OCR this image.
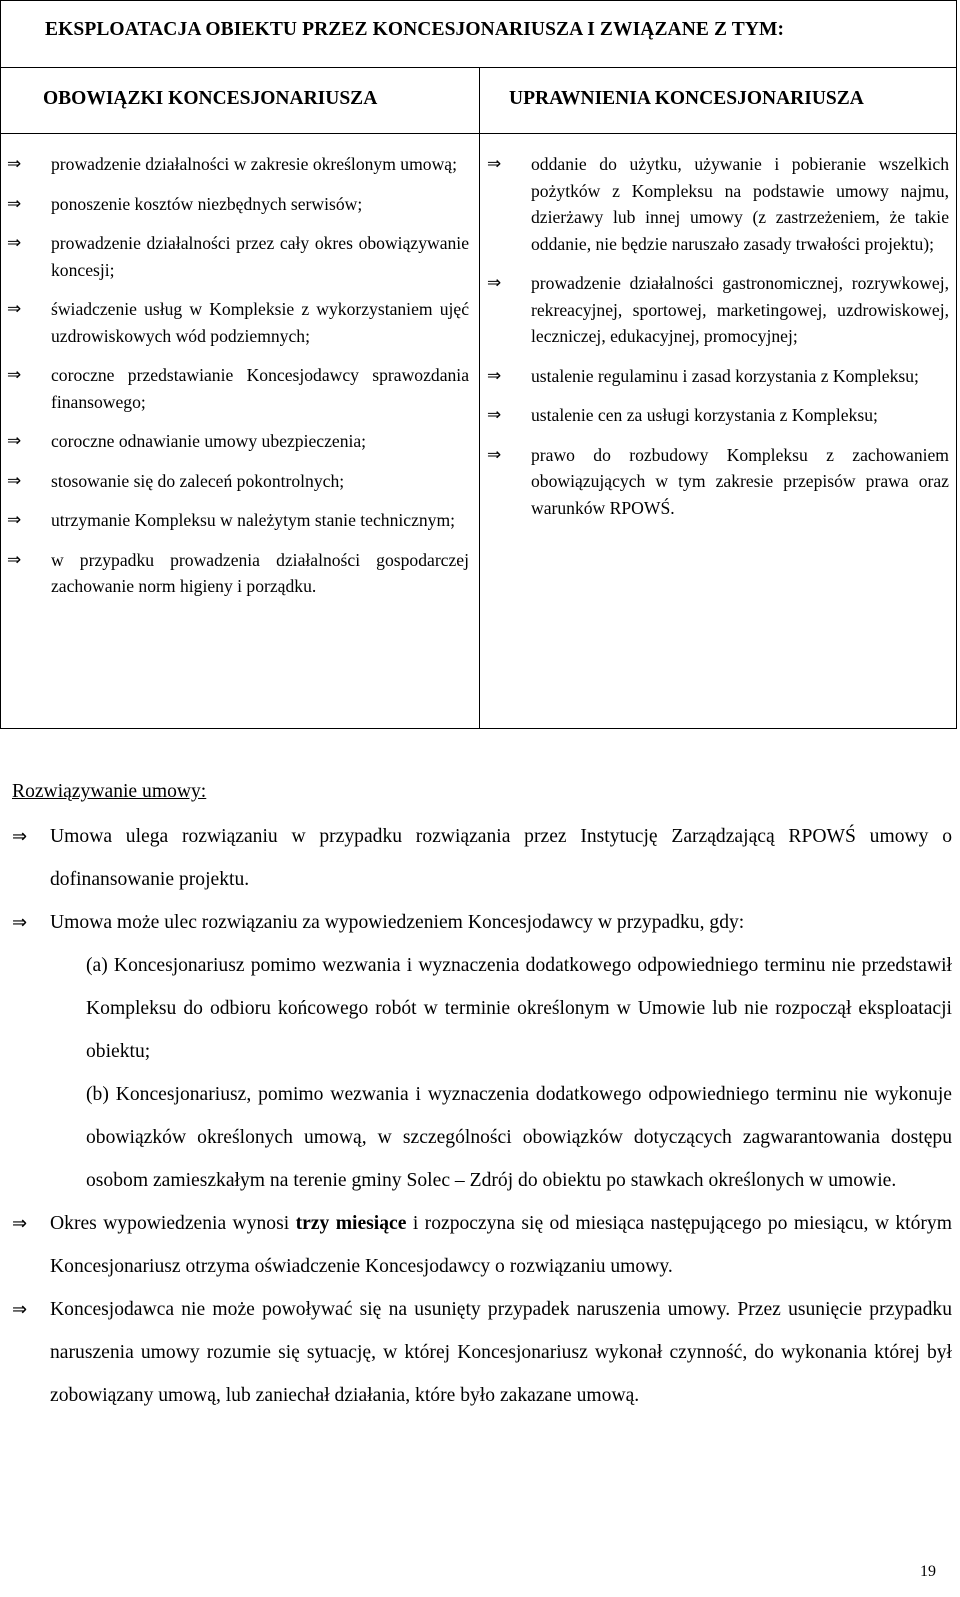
EKSPLOATACJA OBIEKTU PRZEZ KONCESJONARIUSZA I ZWIĄZANE Z TYM:
OBOWIĄZKI KONCESJONARIUSZA	UPRAWNIENIA KONCESJONARIUSZA
⇒ prowadzenie działalności w zakresie określonym umową;
⇒ ponoszenie kosztów niezbędnych serwisów;
⇒ prowadzenie działalności przez cały okres obowiązywanie koncesji;
⇒ świadczenie usług w Kompleksie z wykorzystaniem ujęć uzdrowiskowych wód podziemnych;
⇒ coroczne przedstawianie Koncesjodawcy sprawozdania finansowego;
⇒ coroczne odnawianie umowy ubezpieczenia;
⇒ stosowanie się do zaleceń pokontrolnych;
⇒ utrzymanie Kompleksu w należytym stanie technicznym;
⇒ w przypadku prowadzenia działalności gospodarczej zachowanie norm higieny i porządku.
⇒ oddanie do użytku, używanie i pobieranie wszelkich pożytków z Kompleksu na podstawie umowy najmu, dzierżawy lub innej umowy (z zastrzeżeniem, że takie oddanie, nie będzie naruszało zasady trwałości projektu);
⇒ prowadzenie działalności gastronomicznej, rozrywkowej, rekreacyjnej, sportowej, marketingowej, uzdrowiskowej, leczniczej, edukacyjnej, promocyjnej;
⇒ ustalenie regulaminu i zasad korzystania z Kompleksu;
⇒ ustalenie cen za usługi korzystania z Kompleksu;
⇒ prawo do rozbudowy Kompleksu z zachowaniem obowiązujących w tym zakresie przepisów prawa oraz warunków RPOWŚ.
Rozwiązywanie umowy:
⇒ Umowa ulega rozwiązaniu w przypadku rozwiązania przez Instytucję Zarządzającą RPOWŚ umowy o dofinansowanie projektu.
⇒ Umowa może ulec rozwiązaniu za wypowiedzeniem Koncesjodawcy w przypadku, gdy:
(a) Koncesjonariusz pomimo wezwania i wyznaczenia dodatkowego odpowiedniego terminu nie przedstawił Kompleksu do odbioru końcowego robót w terminie określonym w Umowie lub nie rozpoczął eksploatacji obiektu;
(b) Koncesjonariusz, pomimo wezwania i wyznaczenia dodatkowego odpowiedniego terminu nie wykonuje obowiązków określonych umową, w szczególności obowiązków dotyczących zagwarantowania dostępu osobom zamieszkałym na terenie gminy Solec – Zdrój do obiektu po stawkach określonych w umowie.
⇒ Okres wypowiedzenia wynosi trzy miesiące i rozpoczyna się od miesiąca następującego po miesiącu, w którym Koncesjonariusz otrzyma oświadczenie Koncesjodawcy o rozwiązaniu umowy.
⇒ Koncesjodawca nie może powoływać się na usunięty przypadek naruszenia umowy. Przez usunięcie przypadku naruszenia umowy rozumie się sytuację, w której Koncesjonariusz wykonał czynność, do wykonania której był zobowiązany umową, lub zaniechał działania, które było zakazane umową.
19
